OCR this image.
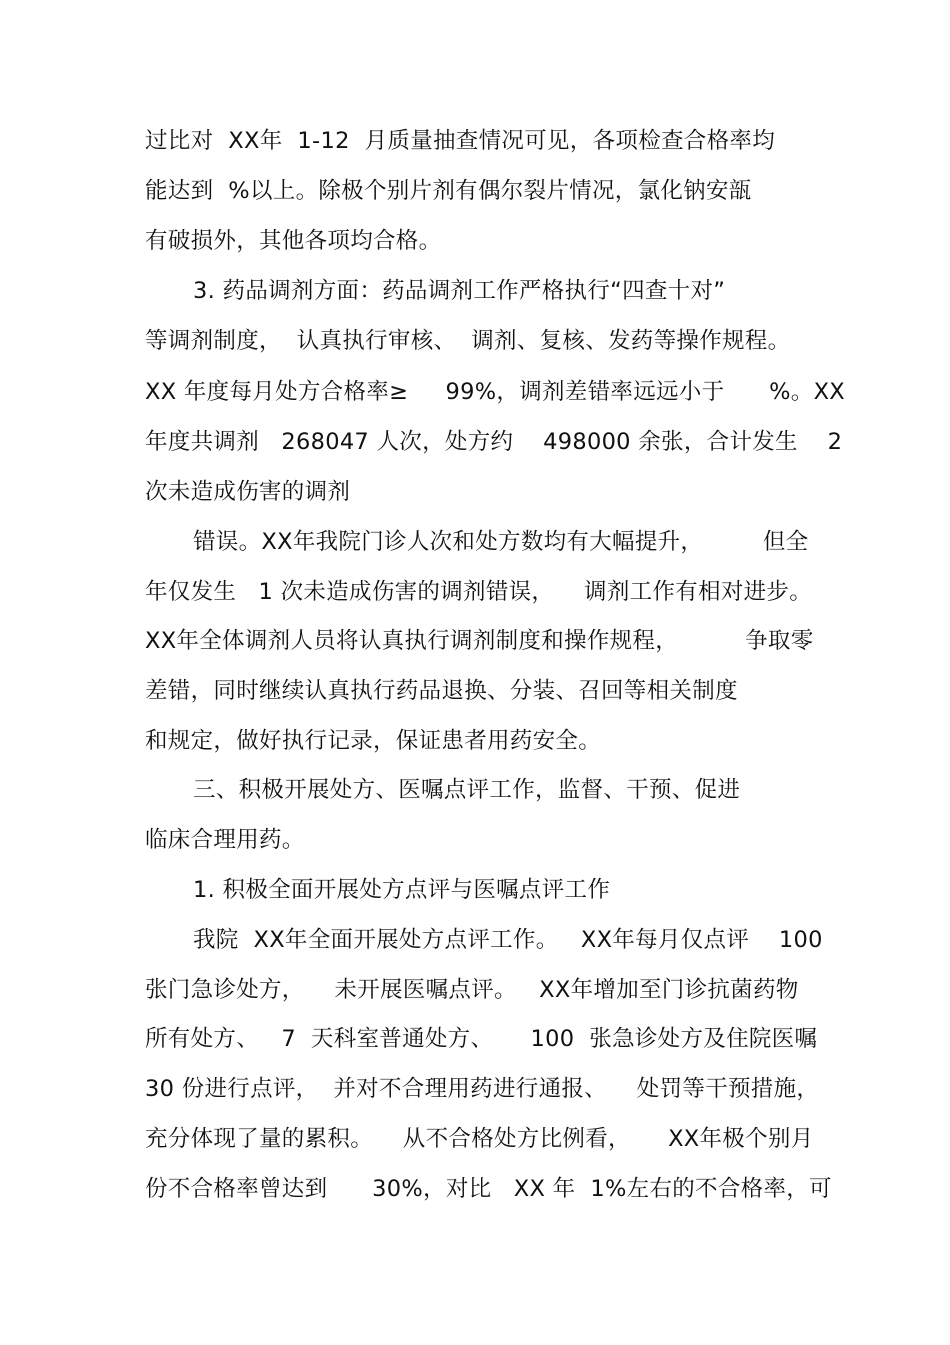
过比对  XX年  1-12  月质量抽查情况可见，各项检查合格率均
能达到  %以上。除极个别片剂有偶尔裂片情况，氯化钠安瓿
有破损外，其他各项均合格。
3. 药品调剂方面：药品调剂工作严格执行“四查十对”
等调剂制度，  认真执行审核、  调剂、复核、发药等操作规程。
XX 年度每月处方合格率≥     99%，调剂差错率远远小于      %。XX
年度共调剂   268047 人次，处方约    498000 余张，合计发生    2
次未造成伤害的调剂
错误。XX年我院门诊人次和处方数均有大幅提升，        但全
年仅发生   1 次未造成伤害的调剂错误，    调剂工作有相对进步。
XX年全体调剂人员将认真执行调剂制度和操作规程，         争取零
差错，同时继续认真执行药品退换、分装、召回等相关制度
和规定，做好执行记录，保证患者用药安全。
三、积极开展处方、医嘱点评工作，监督、干预、促进
临床合理用药。
1. 积极全面开展处方点评与医嘱点评工作
我院  XX年全面开展处方点评工作。   XX年每月仅点评    100
张门急诊处方，    未开展医嘱点评。   XX年增加至门诊抗菌药物
所有处方、   7  天科室普通处方、     100  张急诊处方及住院医嘱
30 份进行点评，  并对不合理用药进行通报、    处罚等干预措施，
充分体现了量的累积。    从不合格处方比例看，     XX年极个别月
份不合格率曾达到      30%，对比   XX 年  1%左右的不合格率，可
